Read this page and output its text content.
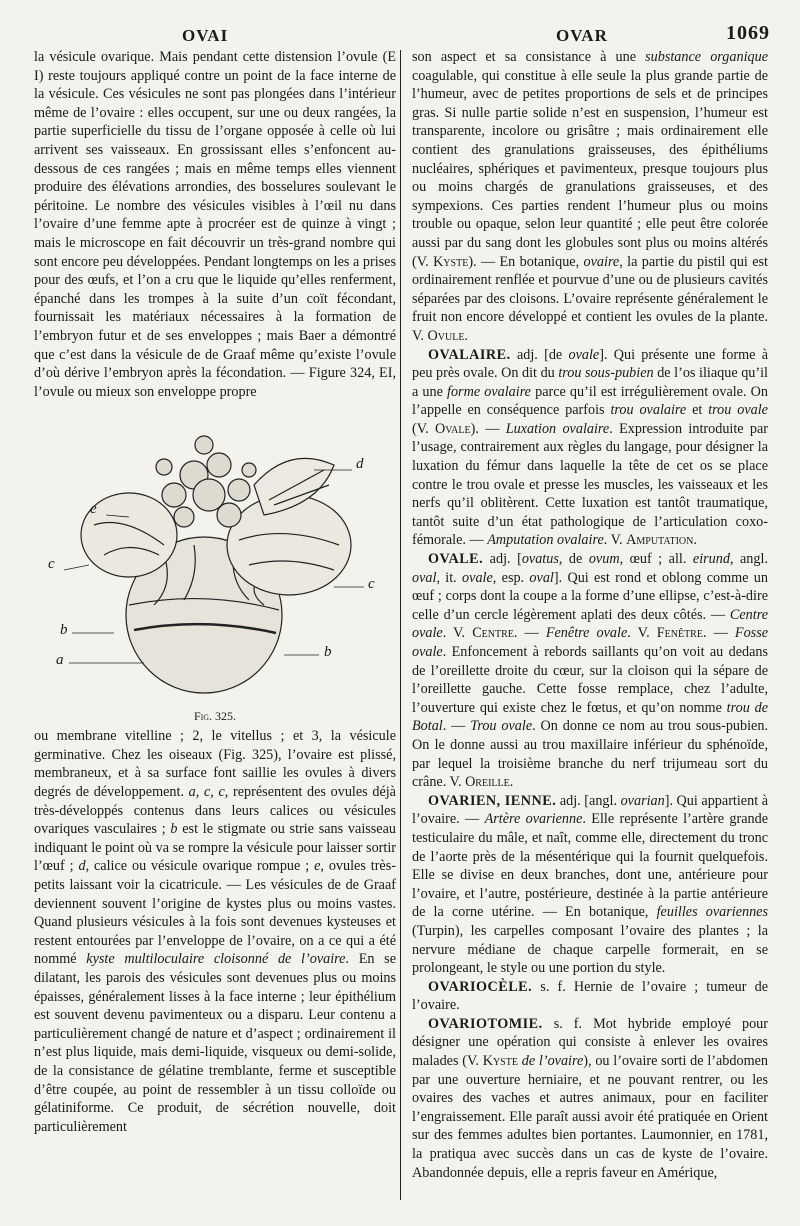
OVAI	OVAR	1069

la vésicule ovarique. Mais pendant cette distension l’ovule (E I) reste toujours appliqué contre un point de la face interne de la vésicule. Ces vésicules ne sont pas plongées dans l’intérieur même de l’ovaire : elles occupent, sur une ou deux rangées, la partie superficielle du tissu de l’organe opposée à celle où lui arrivent ses vaisseaux. En grossissant elles s’enfoncent au-dessous de ces rangées ; mais en même temps elles viennent produire des élévations arrondies, des bosselures soulevant le péritoine. Le nombre des vésicules visibles à l’œil nu dans l’ovaire d’une femme apte à procréer est de quinze à vingt ; mais le microscope en fait découvrir un très-grand nombre qui sont encore peu développées. Pendant longtemps on les a prises pour des œufs, et l’on a cru que le liquide qu’elles renferment, épanché dans les trompes à la suite d’un coït fécondant, fournissait les matériaux nécessaires à la formation de l’embryon futur et de ses enveloppes ; mais Baer a démontré que c’est dans la vésicule de de Graaf même qu’existe l’ovule d’où dérive l’embryon après la fécondation. — Figure 324, EI, l’ovule ou mieux son enveloppe propre

d
e
c
c
b
b
a
Fig. 325.

ou membrane vitelline ; 2, le vitellus ; et 3, la vésicule germinative. Chez les oiseaux (Fig. 325), l’ovaire est plissé, membraneux, et à sa surface font saillie les ovules à divers degrés de développement. a, c, c, représentent des ovules déjà très-développés contenus dans leurs calices ou vésicules ovariques vasculaires ; b est le stigmate ou strie sans vaisseau indiquant le point où va se rompre la vésicule pour laisser sortir l’œuf ; d, calice ou vésicule ovarique rompue ; e, ovules très-petits laissant voir la cicatricule. — Les vésicules de de Graaf deviennent souvent l’origine de kystes plus ou moins vastes. Quand plusieurs vésicules à la fois sont devenues kysteuses et restent entourées par l’enveloppe de l’ovaire, on a ce qui a été nommé kyste multiloculaire cloisonné de l’ovaire. En se dilatant, les parois des vésicules sont devenues plus ou moins épaisses, généralement lisses à la face interne ; leur épithélium est souvent devenu pavimenteux ou a disparu. Leur contenu a particulièrement changé de nature et d’aspect ; ordinairement il n’est plus liquide, mais demi-liquide, visqueux ou demi-solide, de la consistance de gélatine tremblante, ferme et susceptible d’être coupée, au point de ressembler à un tissu colloïde ou gélatiniforme. Ce produit, de sécrétion nouvelle, doit particulièrement

son aspect et sa consistance à une substance organique coagulable, qui constitue à elle seule la plus grande partie de l’humeur, avec de petites proportions de sels et de principes gras. Si nulle partie solide n’est en suspension, l’humeur est transparente, incolore ou grisâtre ; mais ordinairement elle contient des granulations graisseuses, des épithéliums nucléaires, sphériques et pavimenteux, presque toujours plus ou moins chargés de granulations graisseuses, et des sympexions. Ces parties rendent l’humeur plus ou moins trouble ou opaque, selon leur quantité ; elle peut être colorée aussi par du sang dont les globules sont plus ou moins altérés (V. Kyste). — En botanique, ovaire, la partie du pistil qui est ordinairement renflée et pourvue d’une ou de plusieurs cavités séparées par des cloisons. L’ovaire représente généralement le fruit non encore développé et contient les ovules de la plante. V. Ovule.

OVALAIRE. adj. [de ovale]. Qui présente une forme à peu près ovale. On dit du trou sous-pubien de l’os iliaque qu’il a une forme ovalaire parce qu’il est irrégulièrement ovale. On l’appelle en conséquence parfois trou ovalaire et trou ovale (V. Ovale). — Luxation ovalaire. Expression introduite par l’usage, contrairement aux règles du langage, pour désigner la luxation du fémur dans laquelle la tête de cet os se place contre le trou ovale et presse les muscles, les vaisseaux et les nerfs qu’il oblitèrent. Cette luxation est tantôt traumatique, tantôt suite d’un état pathologique de l’articulation coxo-fémorale. — Amputation ovalaire. V. Amputation.

OVALE. adj. [ovatus, de ovum, œuf ; all. eirund, angl. oval, it. ovale, esp. oval]. Qui est rond et oblong comme un œuf ; corps dont la coupe a la forme d’une ellipse, c’est-à-dire celle d’un cercle légèrement aplati des deux côtés. — Centre ovale. V. Centre. — Fenêtre ovale. V. Fenêtre. — Fosse ovale. Enfoncement à rebords saillants qu’on voit au dedans de l’oreillette droite du cœur, sur la cloison qui la sépare de l’oreillette gauche. Cette fosse remplace, chez l’adulte, l’ouverture qui existe chez le fœtus, et qu’on nomme trou de Botal. — Trou ovale. On donne ce nom au trou sous-pubien. On le donne aussi au trou maxillaire inférieur du sphénoïde, par lequel la troisième branche du nerf trijumeau sort du crâne. V. Oreille.

OVARIEN, IENNE. adj. [angl. ovarian]. Qui appartient à l’ovaire. — Artère ovarienne. Elle représente l’artère grande testiculaire du mâle, et naît, comme elle, directement du tronc de l’aorte près de la mésentérique qui la fournit quelquefois. Elle se divise en deux branches, dont une, antérieure pour l’ovaire, et l’autre, postérieure, destinée à la partie antérieure de la corne utérine. — En botanique, feuilles ovariennes (Turpin), les carpelles composant l’ovaire des plantes ; la nervure médiane de chaque carpelle formerait, en se prolongeant, le style ou une portion du style.

OVARIOCÈLE. s. f. Hernie de l’ovaire ; tumeur de l’ovaire.

OVARIOTOMIE. s. f. Mot hybride employé pour désigner une opération qui consiste à enlever les ovaires malades (V. Kyste de l’ovaire), ou l’ovaire sorti de l’abdomen par une ouverture herniaire, et ne pouvant rentrer, ou les ovaires des vaches et autres animaux, pour en faciliter l’engraissement. Elle paraît aussi avoir été pratiquée en Orient sur des femmes adultes bien portantes. Laumonnier, en 1781, la pratiqua avec succès dans un cas de kyste de l’ovaire. Abandonnée depuis, elle a repris faveur en Amérique,
